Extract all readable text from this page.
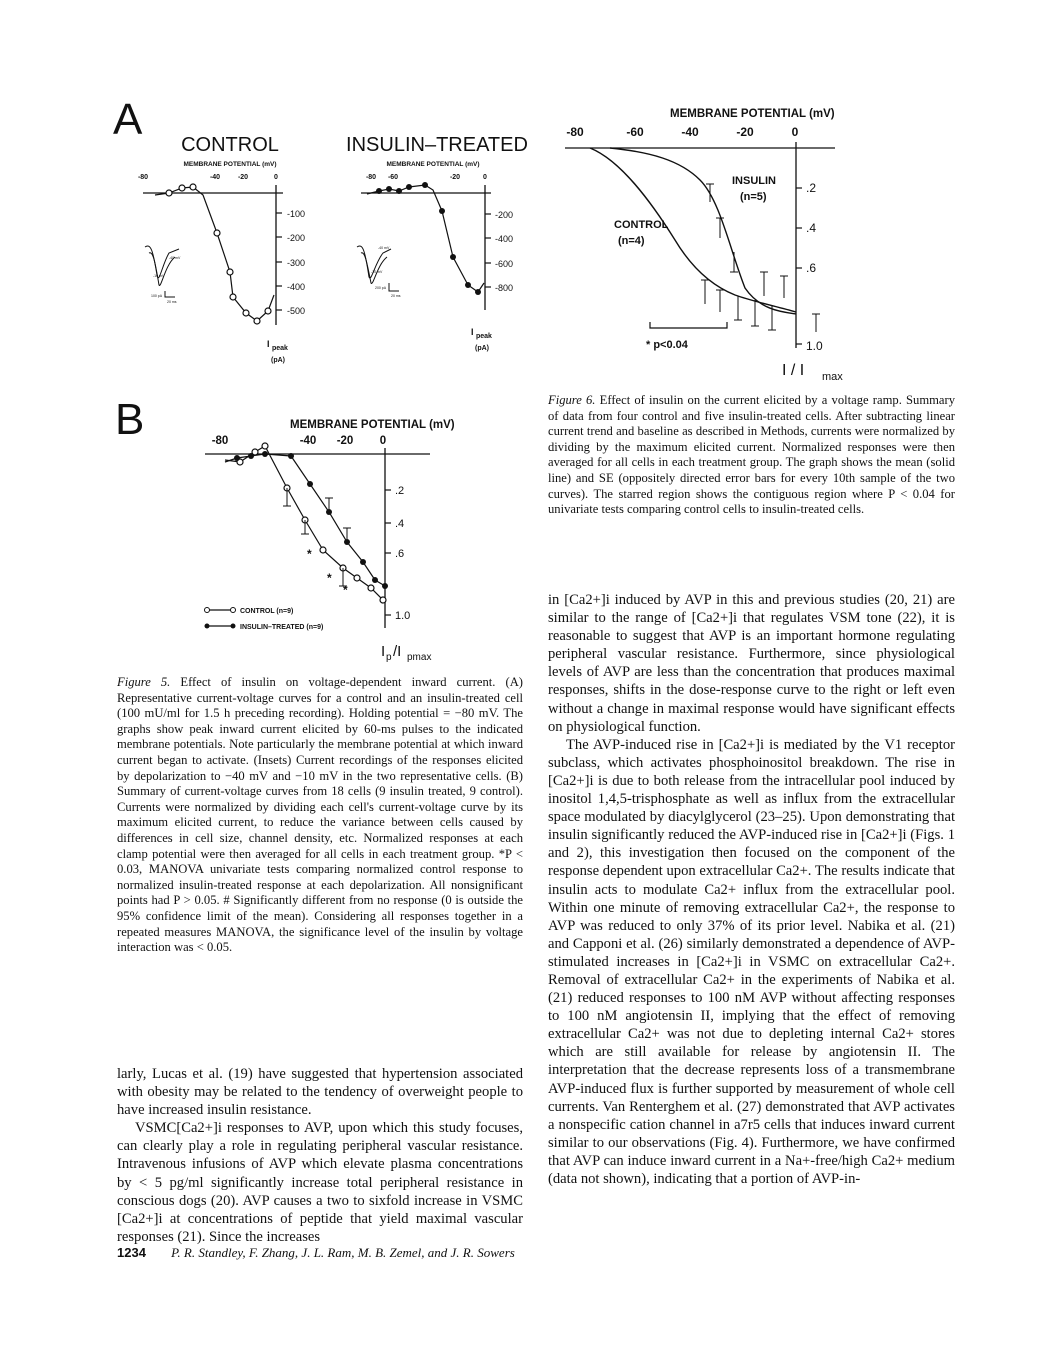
A
CONTROL
MEMBRANE POTENTIAL (mV)
-80	-40	-20	0
-100
-200
-300
-400
-500
I peak
(pA)
-40 mV
-10 mV
100 pA
20 ms
INSULIN–TREATED
MEMBRANE POTENTIAL (mV)
-80 -60	-20	0
-200
-400
-600
-800
I peak
(pA)
-40 mV
-10 mV
200 pA
20 ms
B	MEMBRANE POTENTIAL (mV)
-80	-40 -20 0
.2
.4
.6
1.0
*
*
*
CONTROL (n=9)
INSULIN–TREATED (n=9)
I p /I pmax
Figure 5. Effect of insulin on voltage-dependent inward current. (A) Representative current-voltage curves for a control and an insulin-treated cell (100 mU/ml for 1.5 h preceding recording). Holding potential = −80 mV. The graphs show peak inward current elicited by 60-ms pulses to the indicated membrane potentials. Note particularly the membrane potential at which inward current began to activate. (Insets) Current recordings of the responses elicited by depolarization to −40 mV and −10 mV in the two representative cells. (B) Summary of current-voltage curves from 18 cells (9 insulin treated, 9 control). Currents were normalized by dividing each cell's current-voltage curve by its maximum elicited current, to reduce the variance between cells caused by differences in cell size, channel density, etc. Normalized responses at each clamp potential were then averaged for all cells in each treatment group. *P < 0.03, MANOVA univariate tests comparing normalized control response to normalized insulin-treated response at each depolarization. All nonsignificant points had P > 0.05. # Significantly different from no response (0 is outside the 95% confidence limit of the mean). Considering all responses together in a repeated measures MANOVA, the significance level of the insulin by voltage interaction was < 0.05.
MEMBRANE POTENTIAL (mV)
-80	-60	-40	-20	0
.2
.4
.6
1.0
INSULIN
(n=5)
CONTROL
(n=4)
* p<0.04
I / I max
Figure 6. Effect of insulin on the current elicited by a voltage ramp. Summary of data from four control and five insulin-treated cells. After subtracting linear current trend and baseline as described in Methods, currents were normalized by dividing by the maximum elicited current. Normalized responses were then averaged for all cells in each treatment group. The graph shows the mean (solid line) and SE (oppositely directed error bars for every 10th sample of the two curves). The starred region shows the contiguous region where P < 0.04 for univariate tests comparing control cells to insulin-treated cells.

larly, Lucas et al. (19) have suggested that hypertension associated with obesity may be related to the tendency of overweight people to have increased insulin resistance.

VSMC[Ca2+]i responses to AVP, upon which this study focuses, can clearly play a role in regulating peripheral vascular resistance. Intravenous infusions of AVP which elevate plasma concentrations by < 5 pg/ml significantly increase total peripheral resistance in conscious dogs (20). AVP causes a two to sixfold increase in VSMC [Ca2+]i at concentrations of peptide that yield maximal vascular responses (21). Since the increases

in [Ca2+]i induced by AVP in this and previous studies (20, 21) are similar to the range of [Ca2+]i that regulates VSM tone (22), it is reasonable to suggest that AVP is an important hormone regulating peripheral vascular resistance. Furthermore, since physiological levels of AVP are less than the concentration that produces maximal responses, shifts in the dose-response curve to the right or left even without a change in maximal response would have significant effects on physiological function.

The AVP-induced rise in [Ca2+]i is mediated by the V1 receptor subclass, which activates phosphoinositol breakdown. The rise in [Ca2+]i is due to both release from the intracellular pool induced by inositol 1,4,5-trisphosphate as well as influx from the extracellular space modulated by diacylglycerol (23–25). Upon demonstrating that insulin significantly reduced the AVP-induced rise in [Ca2+]i (Figs. 1 and 2), this investigation then focused on the component of the response dependent upon extracellular Ca2+. The results indicate that insulin acts to modulate Ca2+ influx from the extracellular pool. Within one minute of removing extracellular Ca2+, the response to AVP was reduced to only 37% of its prior level. Nabika et al. (21) and Capponi et al. (26) similarly demonstrated a dependence of AVP-stimulated increases in [Ca2+]i in VSMC on extracellular Ca2+. Removal of extracellular Ca2+ in the experiments of Nabika et al. (21) reduced responses to 100 nM AVP without affecting responses to 100 nM angiotensin II, implying that the effect of removing extracellular Ca2+ was not due to depleting internal Ca2+ stores which are still available for release by angiotensin II. The interpretation that the decrease represents loss of a transmembrane AVP-induced flux is further supported by measurement of whole cell currents. Van Renterghem et al. (27) demonstrated that AVP activates a nonspecific cation channel in a7r5 cells that induces inward current similar to our observations (Fig. 4). Furthermore, we have confirmed that AVP can induce inward current in a Na+-free/high Ca2+ medium (data not shown), indicating that a portion of AVP-in-

1234 P. R. Standley, F. Zhang, J. L. Ram, M. B. Zemel, and J. R. Sowers
